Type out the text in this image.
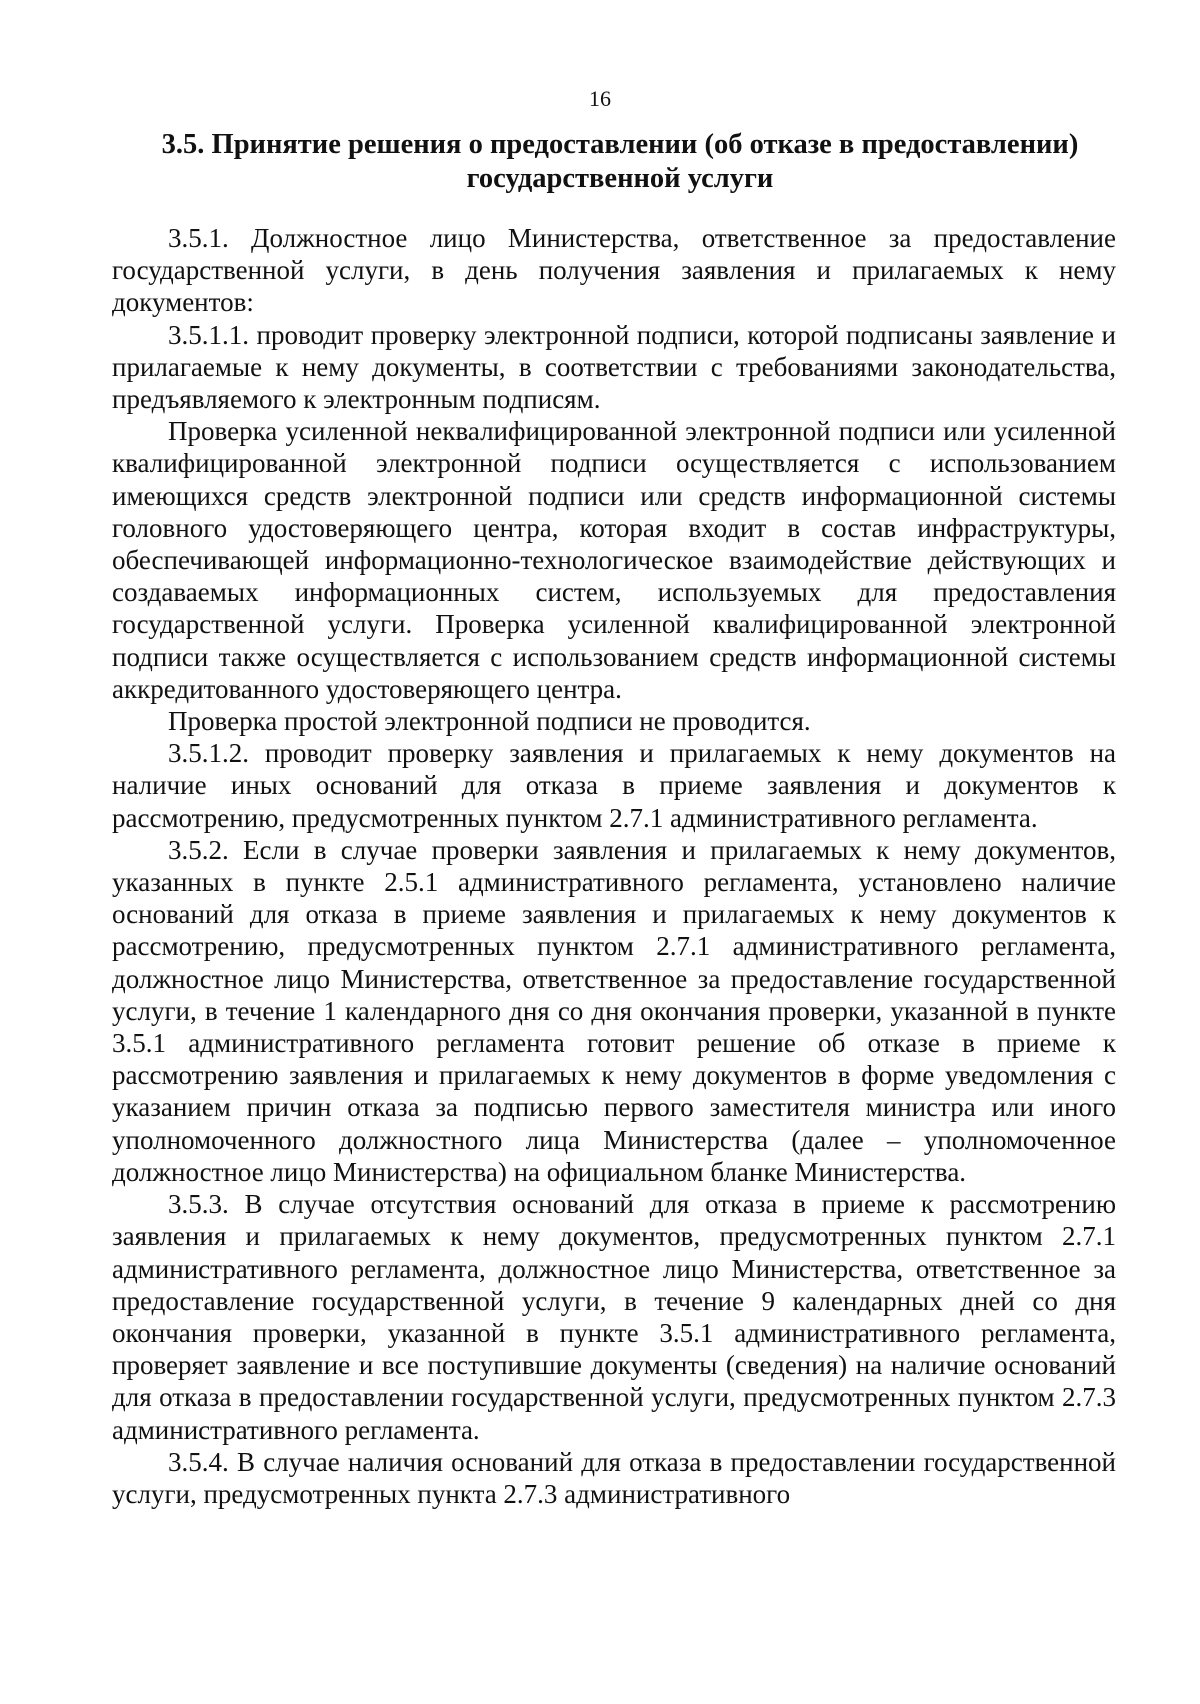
16
3.5. Принятие решения о предоставлении (об отказе в предоставлении)
государственной услуги

3.5.1. Должностное лицо Министерства, ответственное за предоставление государственной услуги, в день получения заявления и прилагаемых к нему документов:

3.5.1.1. проводит проверку электронной подписи, которой подписаны заявление и прилагаемые к нему документы, в соответствии с требованиями законодательства, предъявляемого к электронным подписям.

Проверка усиленной неквалифицированной электронной подписи или усиленной квалифицированной электронной подписи осуществляется с использованием имеющихся средств электронной подписи или средств информационной системы головного удостоверяющего центра, которая входит в состав инфраструктуры, обеспечивающей информационно-технологическое взаимодействие действующих и создаваемых информационных систем, используемых для предоставления государственной услуги. Проверка усиленной квалифицированной электронной подписи также осуществляется с использованием средств информационной системы аккредитованного удостоверяющего центра.

Проверка простой электронной подписи не проводится.

3.5.1.2. проводит проверку заявления и прилагаемых к нему документов на наличие иных оснований для отказа в приеме заявления и документов к рассмотрению, предусмотренных пунктом 2.7.1 административного регламента.

3.5.2. Если в случае проверки заявления и прилагаемых к нему документов, указанных в пункте 2.5.1 административного регламента, установлено наличие оснований для отказа в приеме заявления и прилагаемых к нему документов к рассмотрению, предусмотренных пунктом 2.7.1 административного регламента, должностное лицо Министерства, ответственное за предоставление государственной услуги, в течение 1 календарного дня со дня окончания проверки, указанной в пункте 3.5.1 административного регламента готовит решение об отказе в приеме к рассмотрению заявления и прилагаемых к нему документов в форме уведомления с указанием причин отказа за подписью первого заместителя министра или иного уполномоченного должностного лица Министерства (далее – уполномоченное должностное лицо Министерства) на официальном бланке Министерства.

3.5.3. В случае отсутствия оснований для отказа в приеме к рассмотрению заявления и прилагаемых к нему документов, предусмотренных пунктом 2.7.1 административного регламента, должностное лицо Министерства, ответственное за предоставление государственной услуги, в течение 9 календарных дней со дня окончания проверки, указанной в пункте 3.5.1 административного регламента, проверяет заявление и все поступившие документы (сведения) на наличие оснований для отказа в предоставлении государственной услуги, предусмотренных пунктом 2.7.3 административного регламента.

3.5.4. В случае наличия оснований для отказа в предоставлении государственной услуги, предусмотренных пункта 2.7.3 административного
